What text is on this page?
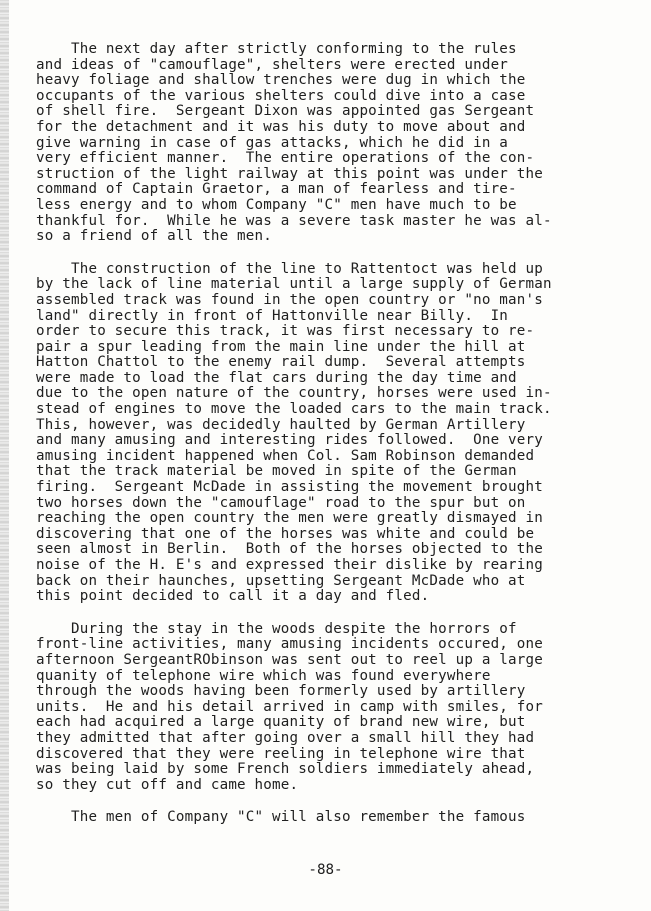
The next day after strictly conforming to the rules
and ideas of "camouflage", shelters were erected under
heavy foliage and shallow trenches were dug in which the
occupants of the various shelters could dive into a case
of shell fire.  Sergeant Dixon was appointed gas Sergeant
for the detachment and it was his duty to move about and
give warning in case of gas attacks, which he did in a
very efficient manner.  The entire operations of the con-
struction of the light railway at this point was under the
command of Captain Graetor, a man of fearless and tire-
less energy and to whom Company "C" men have much to be
thankful for.  While he was a severe task master he was al-
so a friend of all the men.
The construction of the line to Rattentoct was held up
by the lack of line material until a large supply of German
assembled track was found in the open country or "no man's
land" directly in front of Hattonville near Billy.  In
order to secure this track, it was first necessary to re-
pair a spur leading from the main line under the hill at
Hatton Chattol to the enemy rail dump.  Several attempts
were made to load the flat cars during the day time and
due to the open nature of the country, horses were used in-
stead of engines to move the loaded cars to the main track.
This, however, was decidedly haulted by German Artillery
and many amusing and interesting rides followed.  One very
amusing incident happened when Col. Sam Robinson demanded
that the track material be moved in spite of the German
firing.  Sergeant McDade in assisting the movement brought
two horses down the "camouflage" road to the spur but on
reaching the open country the men were greatly dismayed in
discovering that one of the horses was white and could be
seen almost in Berlin.  Both of the horses objected to the
noise of the H. E's and expressed their dislike by rearing
back on their haunches, upsetting Sergeant McDade who at
this point decided to call it a day and fled.
During the stay in the woods despite the horrors of
front-line activities, many amusing incidents occured, one
afternoon SergeantRObinson was sent out to reel up a large
quanity of telephone wire which was found everywhere
through the woods having been formerly used by artillery
units.  He and his detail arrived in camp with smiles, for
each had acquired a large quanity of brand new wire, but
they admitted that after going over a small hill they had
discovered that they were reeling in telephone wire that
was being laid by some French soldiers immediately ahead,
so they cut off and came home.
The men of Company "C" will also remember the famous
-88-
